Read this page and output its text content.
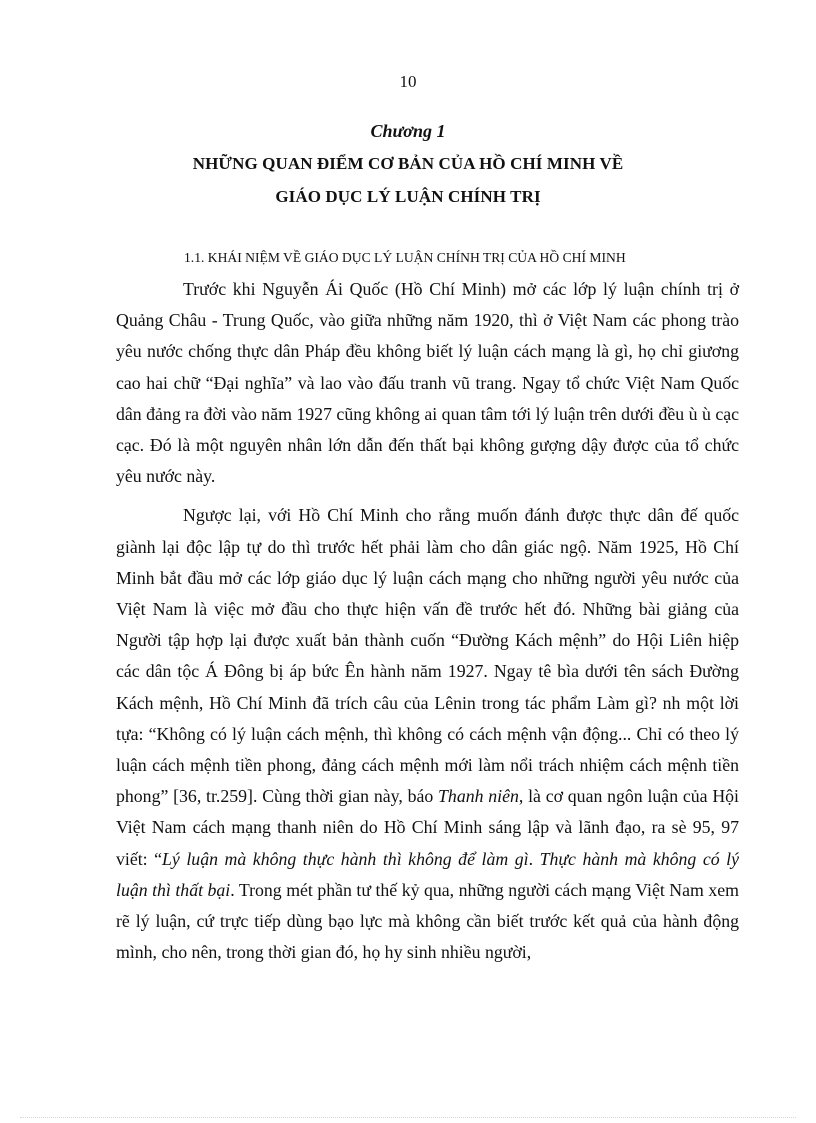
10
Chương 1
NHỮNG QUAN ĐIỂM CƠ BẢN CỦA HỒ CHÍ MINH VỀ
GIÁO DỤC LÝ LUẬN CHÍNH TRỊ
1.1. KHÁI NIỆM VỀ GIÁO DỤC LÝ LUẬN CHÍNH TRỊ CỦA HỒ CHÍ MINH

Trước khi Nguyễn Ái Quốc (Hồ Chí Minh) mở các lớp lý luận chính trị ở Quảng Châu - Trung Quốc, vào giữa những năm 1920, thì ở Việt Nam các phong trào yêu nước chống thực dân Pháp đều không biết lý luận cách mạng là gì, họ chỉ giương cao hai chữ “Đại nghĩa” và lao vào đấu tranh vũ trang. Ngay tổ chức Việt Nam Quốc dân đảng ra đời vào năm 1927 cũng không ai quan tâm tới lý luận trên dưới đều ù ù cạc cạc. Đó là một nguyên nhân lớn dẫn đến thất bại không gượng dậy được của tổ chức yêu nước này.

Ngược lại, với Hồ Chí Minh cho rằng muốn đánh được thực dân đế quốc giành lại độc lập tự do thì trước hết phải làm cho dân giác ngộ. Năm 1925, Hồ Chí Minh bắt đầu mở các lớp giáo dục lý luận cách mạng cho những người yêu nước của Việt Nam là việc mở đầu cho thực hiện vấn đề trước hết đó. Những bài giảng của Người tập hợp lại được xuất bản thành cuốn “Đường Kách mệnh” do Hội Liên hiệp các dân tộc Á Đông bị áp bức Ên hành năm 1927. Ngay tê bìa dưới tên sách Đường Kách mệnh, Hồ Chí Minh đã trích câu của Lênin trong tác phẩm Làm gì? nh một lời tựa: “Không có lý luận cách mệnh, thì không có cách mệnh vận động... Chỉ có theo lý luận cách mệnh tiền phong, đảng cách mệnh mới làm nổi trách nhiệm cách mệnh tiền phong” [36, tr.259]. Cùng thời gian này, báo Thanh niên, là cơ quan ngôn luận của Hội Việt Nam cách mạng thanh niên do Hồ Chí Minh sáng lập và lãnh đạo, ra sè 95, 97 viết: “Lý luận mà không thực hành thì không để làm gì. Thực hành mà không có lý luận thì thất bại. Trong mét phần tư thế kỷ qua, những người cách mạng Việt Nam xem rẽ lý luận, cứ trực tiếp dùng bạo lực mà không cần biết trước kết quả của hành động mình, cho nên, trong thời gian đó, họ hy sinh nhiều người,
